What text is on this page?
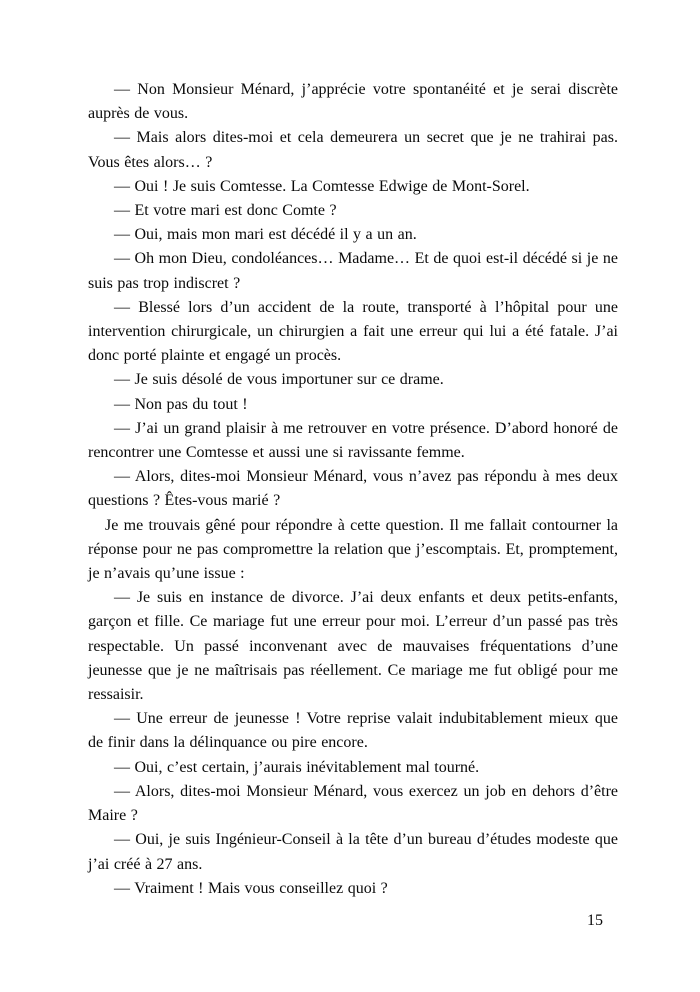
— Non Monsieur Ménard, j’apprécie votre spontanéité et je serai discrète auprès de vous.

— Mais alors dites-moi et cela demeurera un secret que je ne trahirai pas. Vous êtes alors… ?

— Oui ! Je suis Comtesse. La Comtesse Edwige de Mont-Sorel.

— Et votre mari est donc Comte ?

— Oui, mais mon mari est décédé il y a un an.

— Oh mon Dieu, condoléances… Madame… Et de quoi est-il décédé si je ne suis pas trop indiscret ?

— Blessé lors d’un accident de la route, transporté à l’hôpital pour une intervention chirurgicale, un chirurgien a fait une erreur qui lui a été fatale. J’ai donc porté plainte et engagé un procès.

— Je suis désolé de vous importuner sur ce drame.

— Non pas du tout !

— J’ai un grand plaisir à me retrouver en votre présence. D’abord honoré de rencontrer une Comtesse et aussi une si ravissante femme.

— Alors, dites-moi Monsieur Ménard, vous n’avez pas répondu à mes deux questions ? Êtes-vous marié ?

Je me trouvais gêné pour répondre à cette question. Il me fallait contourner la réponse pour ne pas compromettre la relation que j’escomptais. Et, promptement, je n’avais qu’une issue :

— Je suis en instance de divorce. J’ai deux enfants et deux petits-enfants, garçon et fille. Ce mariage fut une erreur pour moi. L’erreur d’un passé pas très respectable. Un passé inconvenant avec de mauvaises fréquentations d’une jeunesse que je ne maîtrisais pas réellement. Ce mariage me fut obligé pour me ressaisir.

— Une erreur de jeunesse ! Votre reprise valait indubitablement mieux que de finir dans la délinquance ou pire encore.

— Oui, c’est certain, j’aurais inévitablement mal tourné.

— Alors, dites-moi Monsieur Ménard, vous exercez un job en dehors d’être Maire ?

— Oui, je suis Ingénieur-Conseil à la tête d’un bureau d’études modeste que j’ai créé à 27 ans.

— Vraiment ! Mais vous conseillez quoi ?

15
